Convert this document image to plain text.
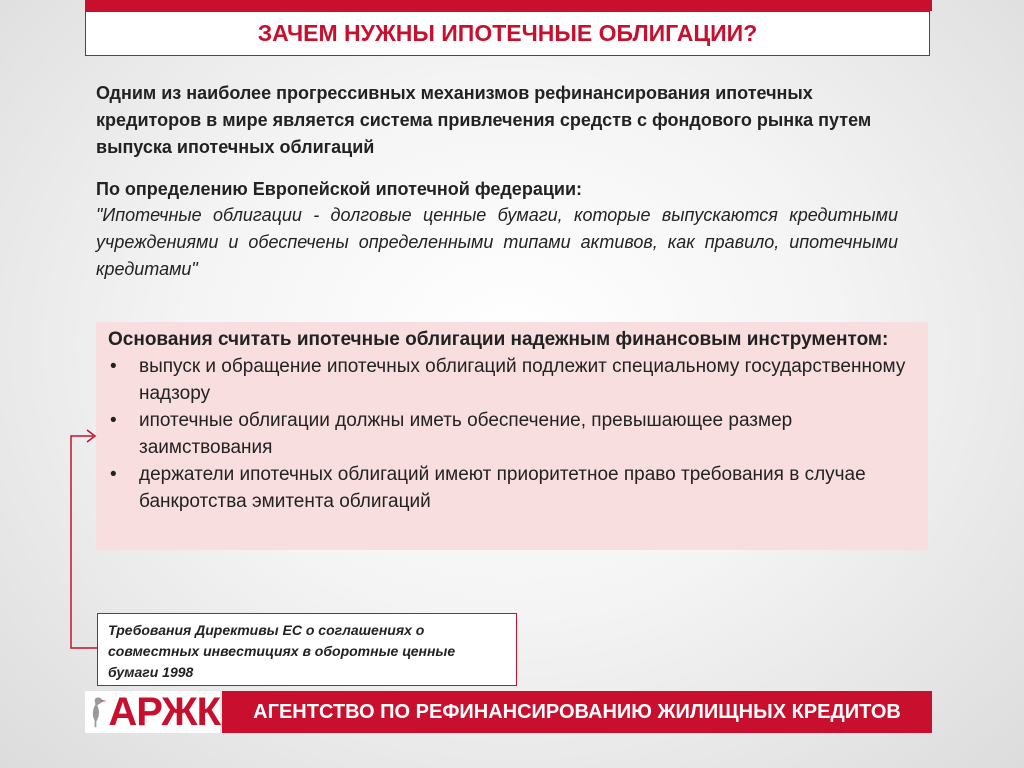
ЗАЧЕМ НУЖНЫ ИПОТЕЧНЫЕ ОБЛИГАЦИИ?
Одним из наиболее прогрессивных механизмов рефинансирования ипотечных кредиторов в мире является система привлечения средств с фондового рынка путем выпуска ипотечных облигаций
По определению Европейской ипотечной федерации:
"Ипотечные облигации - долговые ценные бумаги, которые выпускаются кредитными учреждениями и обеспечены определенными типами активов, как правило, ипотечными кредитами"
Основания считать ипотечные облигации надежным финансовым инструментом:
• выпуск и обращение ипотечных облигаций подлежит специальному государственному надзору
• ипотечные облигации должны иметь обеспечение, превышающее размер заимствования
• держатели ипотечных облигаций имеют приоритетное право требования в случае банкротства эмитента облигаций
Требования Директивы ЕС о соглашениях о совместных инвестициях в оборотные ценные бумаги 1998
АРЖК АГЕНТСТВО ПО РЕФИНАНСИРОВАНИЮ ЖИЛИЩНЫХ КРЕДИТОВ
